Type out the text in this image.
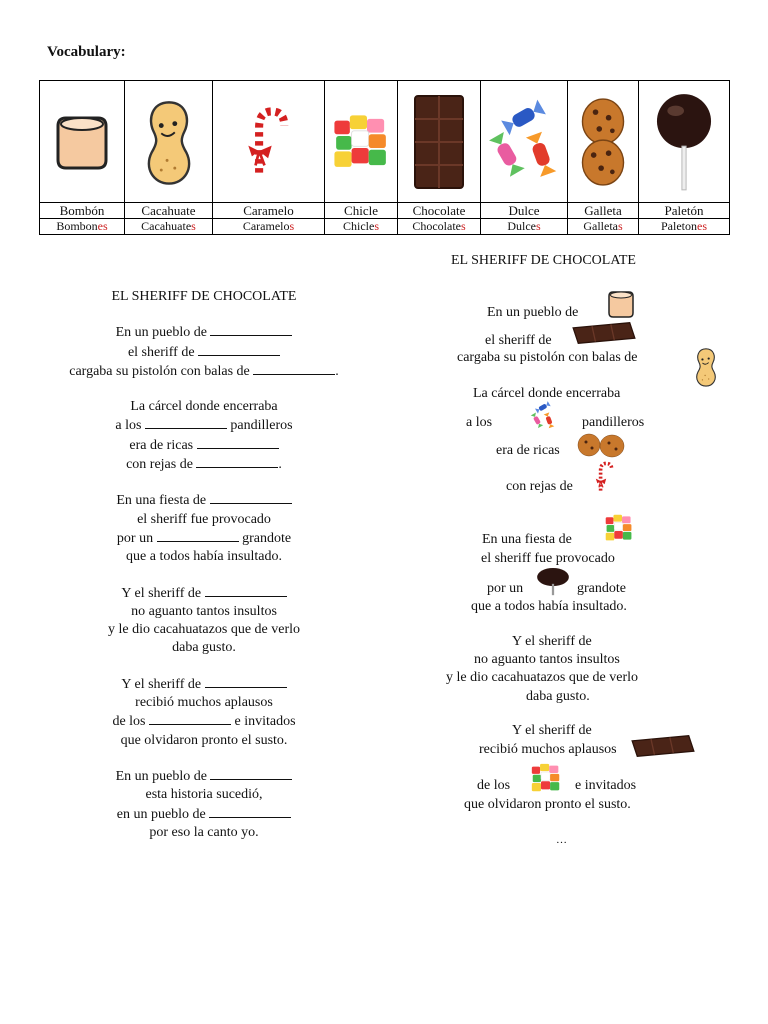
Vocabulary:

Bombón	Cacahuate	Caramelo	Chicle	Chocolate	Dulce	Galleta	Paletón
Bombones	Cacahuates	Caramelos	Chicles	Chocolates	Dulces	Galletas	Paletones

EL SHERIFF DE CHOCOLATE

En un pueblo de
el sheriff de
cargaba su pistolón con balas de	.

La cárcel donde encerraba
a los	pandilleros
era de ricas
con rejas de	.

En una fiesta de
el sheriff fue provocado
por un	grandote
que a todos había insultado.

Y el sheriff de
no aguanto tantos insultos
y le dio cacahuatazos que de verlo
daba gusto.

Y el sheriff de
recibió muchos aplausos
de los	e invitados
que olvidaron pronto el susto.

En un pueblo de
esta historia sucedió,
en un pueblo de
por eso la canto yo.

EL SHERIFF DE CHOCOLATE
En un pueblo de
el sheriff de
cargaba su pistolón con balas de
La cárcel donde encerraba
a los	pandilleros
era de ricas
con rejas de
En una fiesta de
el sheriff fue provocado
por un	grandote
que a todos había insultado.
Y el sheriff de
no aguanto tantos insultos
y le dio cacahuatazos que de verlo
daba gusto.
Y el sheriff de
recibió muchos aplausos
de los	e invitados
que olvidaron pronto el susto.
…
